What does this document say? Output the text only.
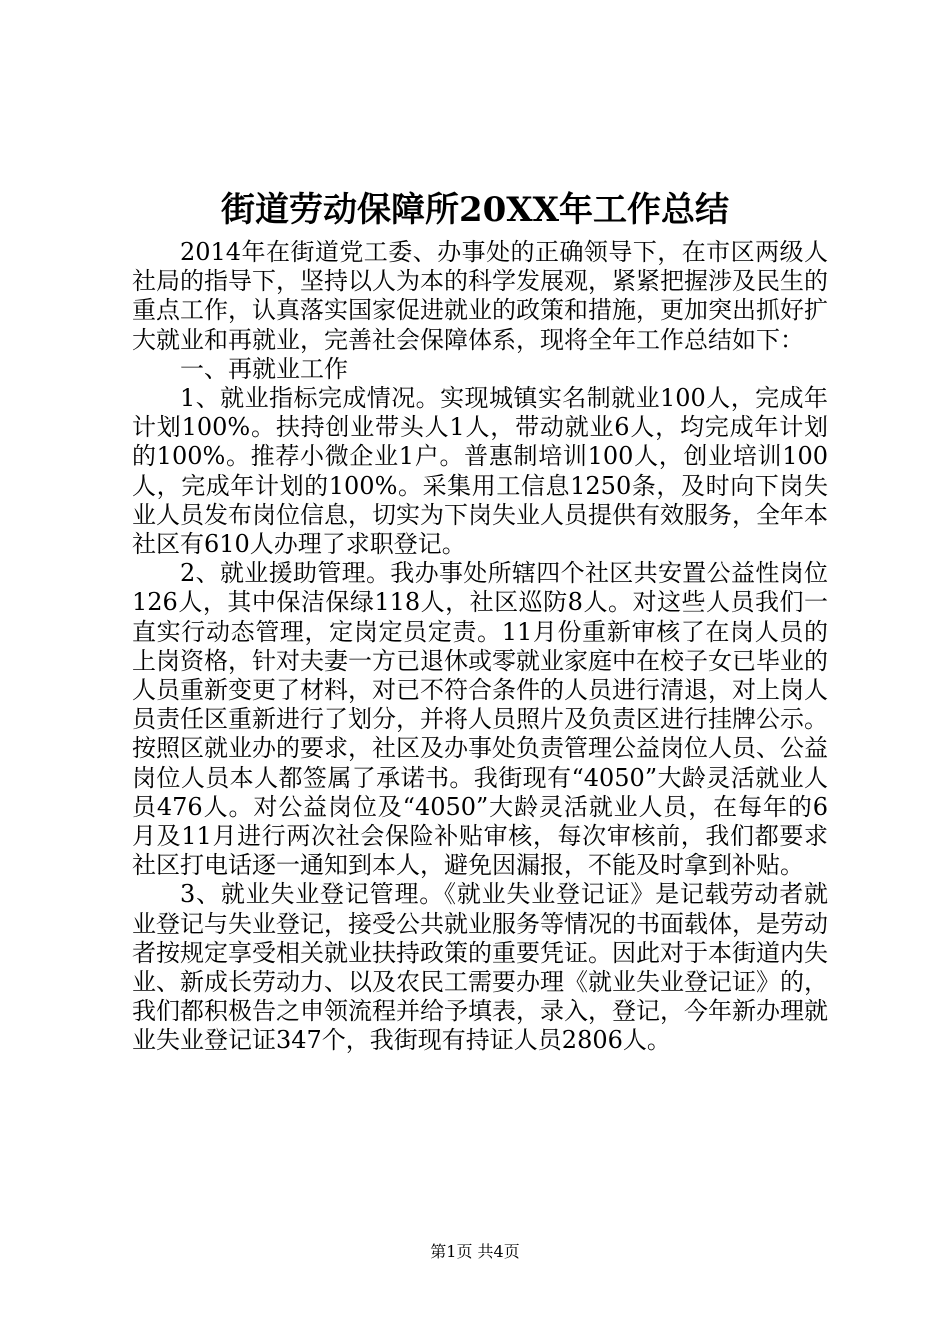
街道劳动保障所20XX年工作总结

2014年在街道党工委、办事处的正确领导下，在市区两级人社局的指导下，坚持以人为本的科学发展观，紧紧把握涉及民生的重点工作，认真落实国家促进就业的政策和措施，更加突出抓好扩大就业和再就业，完善社会保障体系，现将全年工作总结如下：

一、再就业工作

1、就业指标完成情况。实现城镇实名制就业100人，完成年计划100%。扶持创业带头人1人，带动就业6人，均完成年计划的100%。推荐小微企业1户。普惠制培训100人，创业培训100人，完成年计划的100%。采集用工信息1250条，及时向下岗失业人员发布岗位信息，切实为下岗失业人员提供有效服务，全年本社区有610人办理了求职登记。

2、就业援助管理。我办事处所辖四个社区共安置公益性岗位126人，其中保洁保绿118人，社区巡防8人。对这些人员我们一直实行动态管理，定岗定员定责。11月份重新审核了在岗人员的上岗资格，针对夫妻一方已退休或零就业家庭中在校子女已毕业的人员重新变更了材料，对已不符合条件的人员进行清退，对上岗人员责任区重新进行了划分，并将人员照片及负责区进行挂牌公示。按照区就业办的要求，社区及办事处负责管理公益岗位人员、公益岗位人员本人都签属了承诺书。我街现有“4050”大龄灵活就业人员476人。对公益岗位及“4050”大龄灵活就业人员，在每年的6月及11月进行两次社会保险补贴审核，每次审核前，我们都要求社区打电话逐一通知到本人，避免因漏报，不能及时拿到补贴。

3、就业失业登记管理。《就业失业登记证》是记载劳动者就业登记与失业登记，接受公共就业服务等情况的书面载体，是劳动者按规定享受相关就业扶持政策的重要凭证。因此对于本街道内失业、新成长劳动力、以及农民工需要办理《就业失业登记证》的，我们都积极告之申领流程并给予填表，录入，登记，今年新办理就业失业登记证347个，我街现有持证人员2806人。

第1页 共4页
